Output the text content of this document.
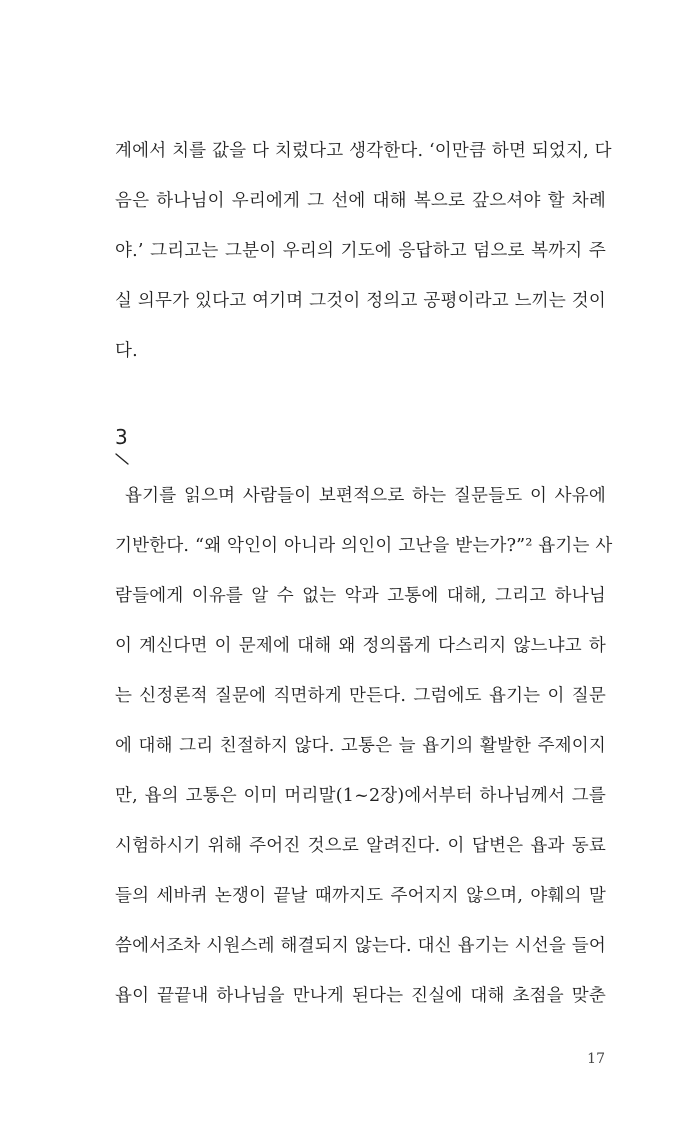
계에서 치를 값을 다 치렀다고 생각한다. ‘이만큼 하면 되었지, 다
음은 하나님이 우리에게 그 선에 대해 복으로 갚으셔야 할 차례
야.’ 그리고는 그분이 우리의 기도에 응답하고 덤으로 복까지 주
실 의무가 있다고 여기며 그것이 정의고 공평이라고 느끼는 것이
다.
3
욥기를 읽으며 사람들이 보편적으로 하는 질문들도 이 사유에
기반한다. “왜 악인이 아니라 의인이 고난을 받는가?”² 욥기는 사
람들에게 이유를 알 수 없는 악과 고통에 대해, 그리고 하나님
이 계신다면 이 문제에 대해 왜 정의롭게 다스리지 않느냐고 하
는 신정론적 질문에 직면하게 만든다. 그럼에도 욥기는 이 질문
에 대해 그리 친절하지 않다. 고통은 늘 욥기의 활발한 주제이지
만, 욥의 고통은 이미 머리말(1~2장)에서부터 하나님께서 그를
시험하시기 위해 주어진 것으로 알려진다. 이 답변은 욥과 동료
들의 세바퀴 논쟁이 끝날 때까지도 주어지지 않으며, 야훼의 말
씀에서조차 시원스레 해결되지 않는다. 대신 욥기는 시선을 들어
욥이 끝끝내 하나님을 만나게 된다는 진실에 대해 초점을 맞춘
17
